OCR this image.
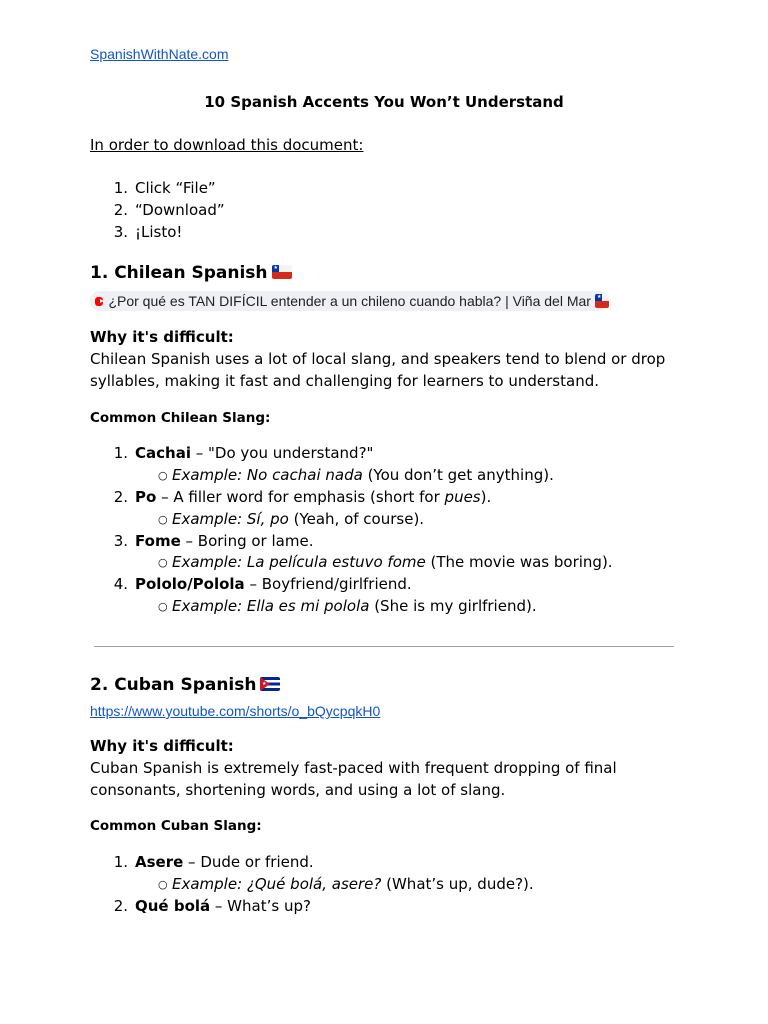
SpanishWithNate.com
10 Spanish Accents You Won’t Understand
In order to download this document:
1. Click “File”
2. “Download”
3. ¡Listo!
1. Chilean Spanish ★
¿Por qué es TAN DIFÍCIL entender a un chileno cuando habla? | Viña del Mar ★
Why it's difficult:
Chilean Spanish uses a lot of local slang, and speakers tend to blend or drop
syllables, making it fast and challenging for learners to understand.
Common Chilean Slang:
1. Cachai – "Do you understand?"
○ Example: No cachai nada (You don’t get anything).
2. Po – A filler word for emphasis (short for pues).
○ Example: Sí, po (Yeah, of course).
3. Fome – Boring or lame.
○ Example: La película estuvo fome (The movie was boring).
4. Pololo/Polola – Boyfriend/girlfriend.
○ Example: Ella es mi polola (She is my girlfriend).
2. Cuban Spanish ★
https://www.youtube.com/shorts/o_bQycpqkH0
Why it's difficult:
Cuban Spanish is extremely fast-paced with frequent dropping of final
consonants, shortening words, and using a lot of slang.
Common Cuban Slang:
1. Asere – Dude or friend.
○ Example: ¿Qué bolá, asere? (What’s up, dude?).
2. Qué bolá – What’s up?
